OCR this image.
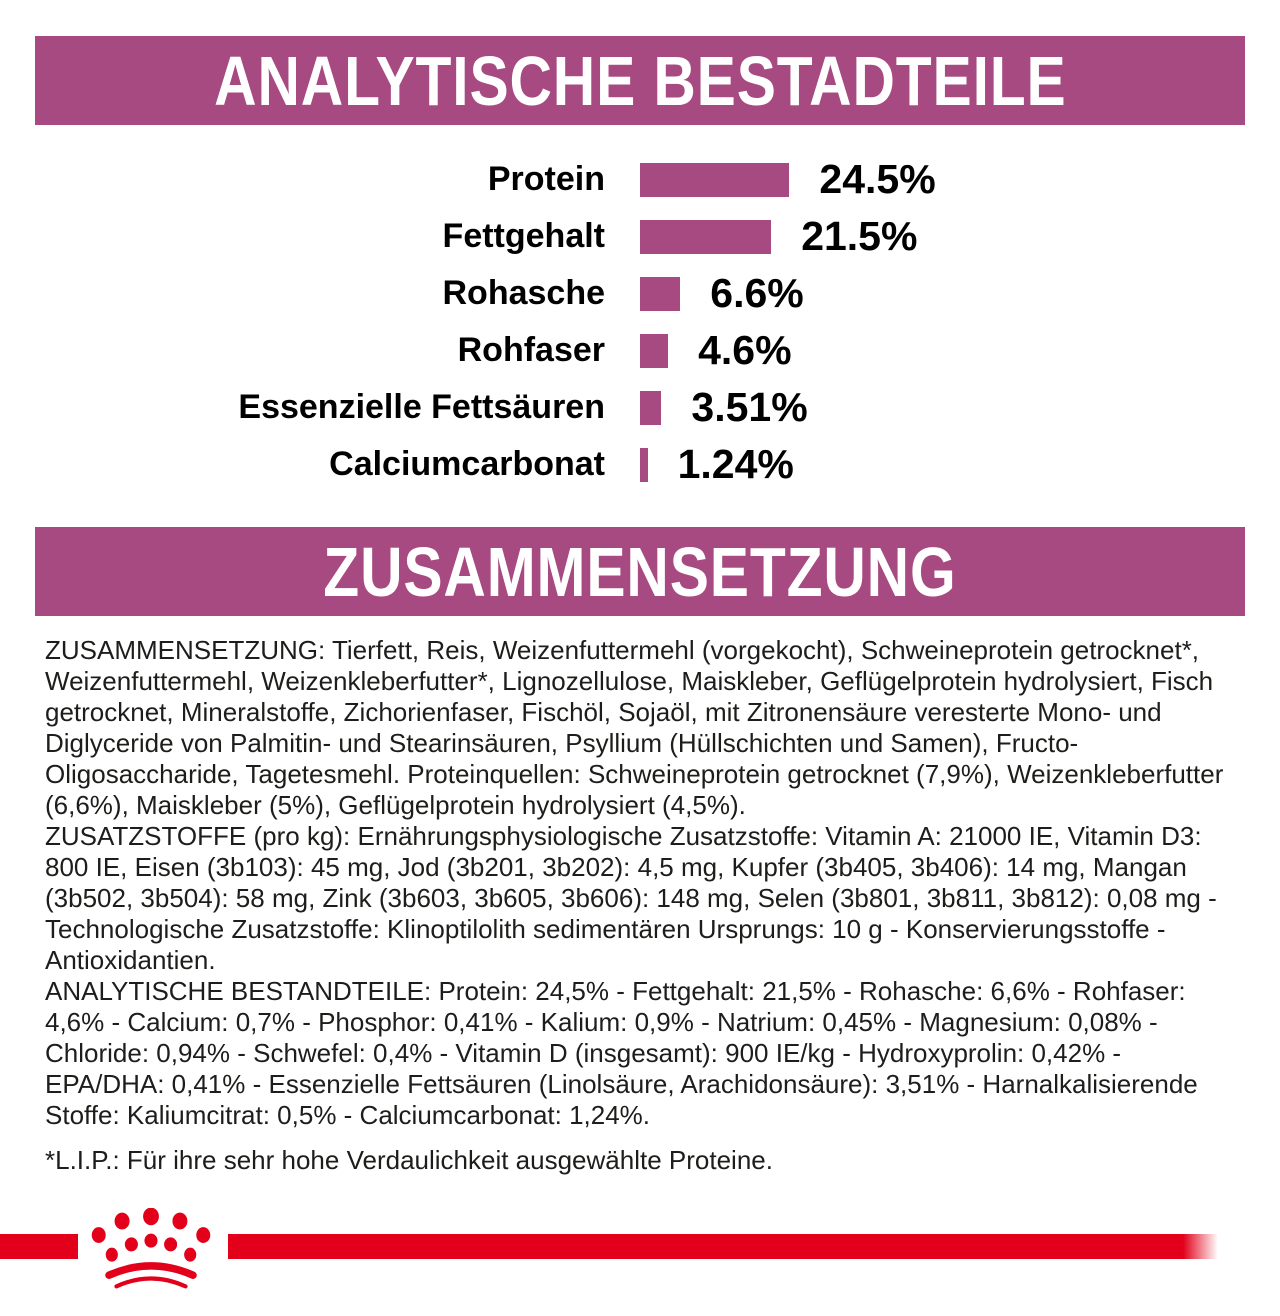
ANALYTISCHE BESTADTEILE
Protein	24.5%
Fettgehalt	21.5%
Rohasche	6.6%
Rohfaser 4.6%
Essenzielle Fettsäuren 3.51%
Calciumcarbonat 1.24%
ZUSAMMENSETZUNG

ZUSAMMENSETZUNG: Tierfett, Reis, Weizenfuttermehl (vorgekocht), Schweineprotein getrocknet*, Weizenfuttermehl, Weizenkleberfutter*, Lignozellulose, Maiskleber, Geflügelprotein hydrolysiert, Fisch getrocknet, Mineralstoffe, Zichorienfaser, Fischöl, Sojaöl, mit Zitronensäure veresterte Mono- und Diglyceride von Palmitin- und Stearinsäuren, Psyllium (Hüllschichten und Samen), Fructo-Oligosaccharide, Tagetesmehl. Proteinquellen: Schweineprotein getrocknet (7,9%), Weizenkleberfutter (6,6%), Maiskleber (5%), Geflügelprotein hydrolysiert (4,5%).

ZUSATZSTOFFE (pro kg): Ernährungsphysiologische Zusatzstoffe: Vitamin A: 21000 IE, Vitamin D3: 800 IE, Eisen (3b103): 45 mg, Jod (3b201, 3b202): 4,5 mg, Kupfer (3b405, 3b406): 14 mg, Mangan (3b502, 3b504): 58 mg, Zink (3b603, 3b605, 3b606): 148 mg, Selen (3b801, 3b811, 3b812): 0,08 mg - Technologische Zusatzstoffe: Klinoptilolith sedimentären Ursprungs: 10 g - Konservierungsstoffe - Antioxidantien.

ANALYTISCHE BESTANDTEILE: Protein: 24,5% - Fettgehalt: 21,5% - Rohasche: 6,6% - Rohfaser: 4,6% - Calcium: 0,7% - Phosphor: 0,41% - Kalium: 0,9% - Natrium: 0,45% - Magnesium: 0,08% - Chloride: 0,94% - Schwefel: 0,4% - Vitamin D (insgesamt): 900 IE/kg - Hydroxyprolin: 0,42% - EPA/DHA: 0,41% - Essenzielle Fettsäuren (Linolsäure, Arachidonsäure): 3,51% - Harnalkalisierende Stoffe: Kaliumcitrat: 0,5% - Calciumcarbonat: 1,24%.

*L.I.P.: Für ihre sehr hohe Verdaulichkeit ausgewählte Proteine.
